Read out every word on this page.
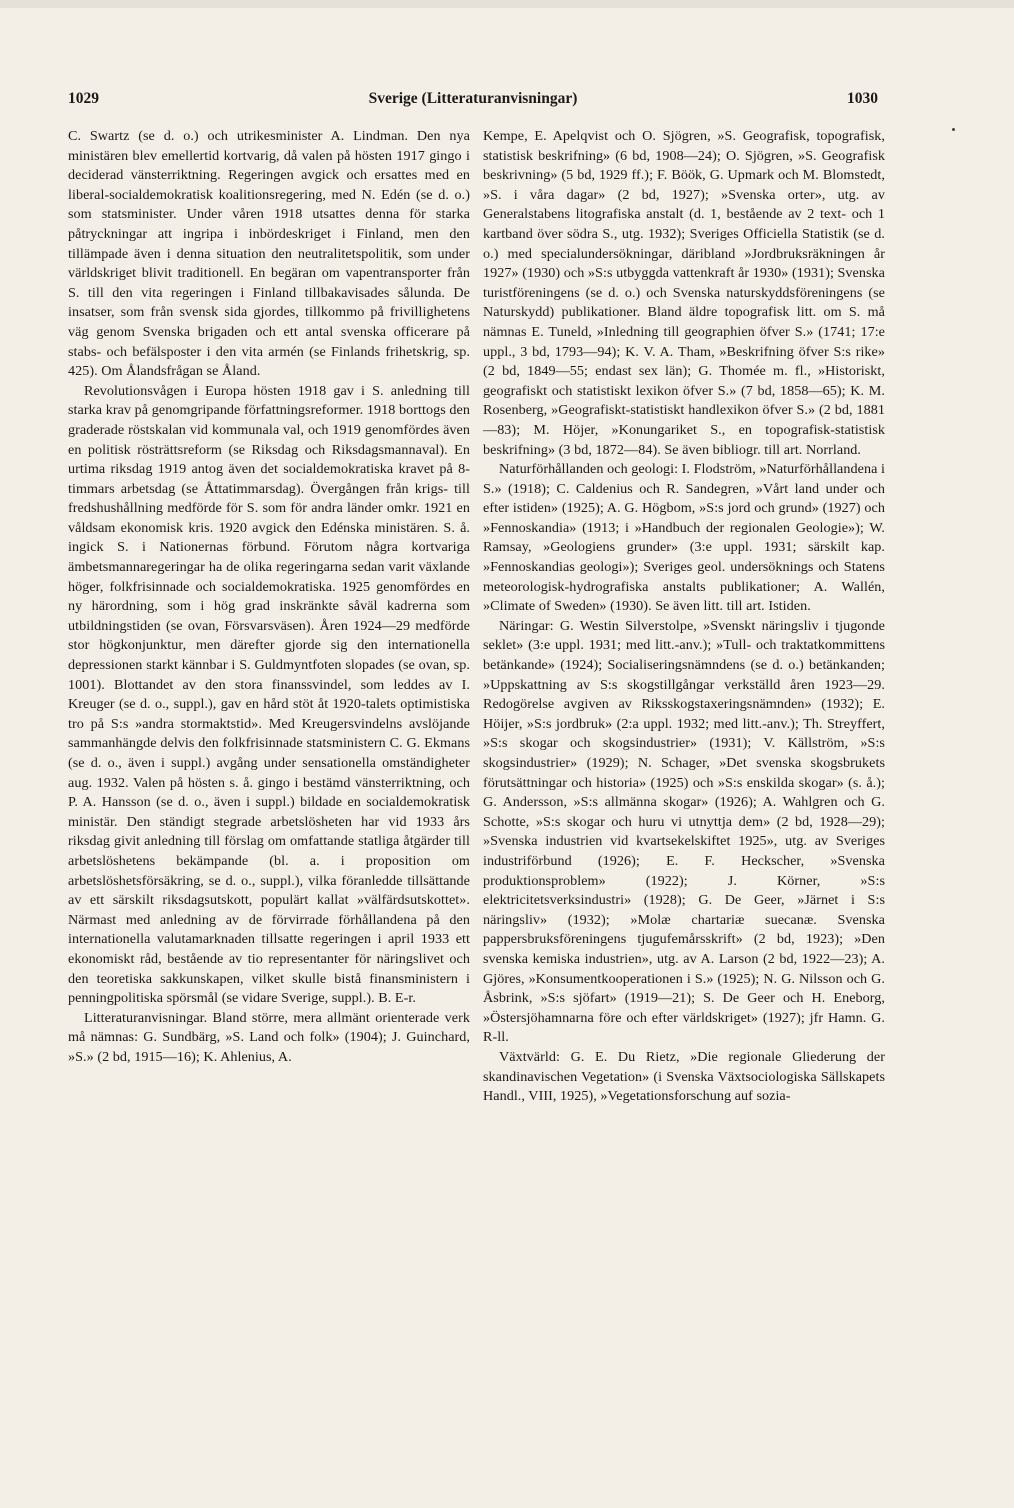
1029	Sverige (Litteraturanvisningar)	1030

C. Swartz (se d. o.) och utrikesminister A. Lindman. Den nya ministären blev emellertid kortvarig, då valen på hösten 1917 gingo i deciderad vänsterriktning. Regeringen avgick och ersattes med en liberal-socialdemokratisk koalitionsregering, med N. Edén (se d. o.) som statsminister. Under våren 1918 utsattes denna för starka påtryckningar att ingripa i inbördeskriget i Finland, men den tillämpade även i denna situation den neutralitetspolitik, som under världskriget blivit traditionell. En begäran om vapentransporter från S. till den vita regeringen i Finland tillbakavisades sålunda. De insatser, som från svensk sida gjordes, tillkommo på frivillighetens väg genom Svenska brigaden och ett antal svenska officerare på stabs- och befälsposter i den vita armén (se Finlands frihetskrig, sp. 425). Om Ålandsfrågan se Åland.

Revolutionsvågen i Europa hösten 1918 gav i S. anledning till starka krav på genomgripande författningsreformer. 1918 borttogs den graderade röstskalan vid kommunala val, och 1919 genomfördes även en politisk rösträttsreform (se Riksdag och Riksdagsmannaval). En urtima riksdag 1919 antog även det socialdemokratiska kravet på 8-timmars arbetsdag (se Åttatimmarsdag). Övergången från krigs- till fredshushållning medförde för S. som för andra länder omkr. 1921 en våldsam ekonomisk kris. 1920 avgick den Edénska ministären. S. å. ingick S. i Nationernas förbund. Förutom några kortvariga ämbetsmannaregeringar ha de olika regeringarna sedan varit växlande höger, folkfrisinnade och socialdemokratiska. 1925 genomfördes en ny härordning, som i hög grad inskränkte såväl kadrerna som utbildningstiden (se ovan, Försvarsväsen). Åren 1924—29 medförde stor högkonjunktur, men därefter gjorde sig den internationella depressionen starkt kännbar i S. Guldmyntfoten slopades (se ovan, sp. 1001). Blottandet av den stora finanssvindel, som leddes av I. Kreuger (se d. o., suppl.), gav en hård stöt åt 1920-talets optimistiska tro på S:s »andra stormaktstid». Med Kreugersvindelns avslöjande sammanhängde delvis den folkfrisinnade statsministern C. G. Ekmans (se d. o., även i suppl.) avgång under sensationella omständigheter aug. 1932. Valen på hösten s. å. gingo i bestämd vänsterriktning, och P. A. Hansson (se d. o., även i suppl.) bildade en socialdemokratisk ministär. Den ständigt stegrade arbetslösheten har vid 1933 års riksdag givit anledning till förslag om omfattande statliga åtgärder till arbetslöshetens bekämpande (bl. a. i proposition om arbetslöshetsförsäkring, se d. o., suppl.), vilka föranledde tillsättande av ett särskilt riksdagsutskott, populärt kallat »välfärdsutskottet». Närmast med anledning av de förvirrade förhållandena på den internationella valutamarknaden tillsatte regeringen i april 1933 ett ekonomiskt råd, bestående av tio representanter för näringslivet och den teoretiska sakkunskapen, vilket skulle bistå finansministern i penningpolitiska spörsmål (se vidare Sverige, suppl.). B. E-r.

Litteraturanvisningar. Bland större, mera allmänt orienterade verk må nämnas: G. Sundbärg, »S. Land och folk» (1904); J. Guinchard, »S.» (2 bd, 1915—16); K. Ahlenius, A.

Kempe, E. Apelqvist och O. Sjögren, »S. Geografisk, topografisk, statistisk beskrifning» (6 bd, 1908—24); O. Sjögren, »S. Geografisk beskrivning» (5 bd, 1929 ff.); F. Böök, G. Upmark och M. Blomstedt, »S. i våra dagar» (2 bd, 1927); »Svenska orter», utg. av Generalstabens litografiska anstalt (d. 1, bestående av 2 text- och 1 kartband över södra S., utg. 1932); Sveriges Officiella Statistik (se d. o.) med specialundersökningar, däribland »Jordbruksräkningen år 1927» (1930) och »S:s utbyggda vattenkraft år 1930» (1931); Svenska turistföreningens (se d. o.) och Svenska naturskyddsföreningens (se Naturskydd) publikationer. Bland äldre topografisk litt. om S. må nämnas E. Tuneld, »Inledning till geographien öfver S.» (1741; 17:e uppl., 3 bd, 1793—94); K. V. A. Tham, »Beskrifning öfver S:s rike» (2 bd, 1849—55; endast sex län); G. Thomée m. fl., »Historiskt, geografiskt och statistiskt lexikon öfver S.» (7 bd, 1858—65); K. M. Rosenberg, »Geografiskt-statistiskt handlexikon öfver S.» (2 bd, 1881—83); M. Höjer, »Konungariket S., en topografisk-statistisk beskrifning» (3 bd, 1872—84). Se även bibliogr. till art. Norrland.

Naturförhållanden och geologi: I. Flodström, »Naturförhållandena i S.» (1918); C. Caldenius och R. Sandegren, »Vårt land under och efter istiden» (1925); A. G. Högbom, »S:s jord och grund» (1927) och »Fennoskandia» (1913; i »Handbuch der regionalen Geologie»); W. Ramsay, »Geologiens grunder» (3:e uppl. 1931; särskilt kap. »Fennoskandias geologi»); Sveriges geol. undersöknings och Statens meteorologisk-hydrografiska anstalts publikationer; A. Wallén, »Climate of Sweden» (1930). Se även litt. till art. Istiden.

Näringar: G. Westin Silverstolpe, »Svenskt näringsliv i tjugonde seklet» (3:e uppl. 1931; med litt.-anv.); »Tull- och traktatkommittens betänkande» (1924); Socialiseringsnämndens (se d. o.) betänkanden; »Uppskattning av S:s skogstillgångar verkställd åren 1923—29. Redogörelse avgiven av Riksskogstaxeringsnämnden» (1932); E. Höijer, »S:s jordbruk» (2:a uppl. 1932; med litt.-anv.); Th. Streyffert, »S:s skogar och skogsindustrier» (1931); V. Källström, »S:s skogsindustrier» (1929); N. Schager, »Det svenska skogsbrukets förutsättningar och historia» (1925) och »S:s enskilda skogar» (s. å.); G. Andersson, »S:s allmänna skogar» (1926); A. Wahlgren och G. Schotte, »S:s skogar och huru vi utnyttja dem» (2 bd, 1928—29); »Svenska industrien vid kvartsekelskiftet 1925», utg. av Sveriges industriförbund (1926); E. F. Heckscher, »Svenska produktionsproblem» (1922); J. Körner, »S:s elektricitetsverksindustri» (1928); G. De Geer, »Järnet i S:s näringsliv» (1932); »Molæ chartariæ suecanæ. Svenska pappersbruksföreningens tjugufemårsskrift» (2 bd, 1923); »Den svenska kemiska industrien», utg. av A. Larson (2 bd, 1922—23); A. Gjöres, »Konsumentkooperationen i S.» (1925); N. G. Nilsson och G. Åsbrink, »S:s sjöfart» (1919—21); S. De Geer och H. Eneborg, »Östersjöhamnarna före och efter världskriget» (1927); jfr Hamn. G. R-ll.

Växtvärld: G. E. Du Rietz, »Die regionale Gliederung der skandinavischen Vegetation» (i Svenska Växtsociologiska Sällskapets Handl., VIII, 1925), »Vegetationsforschung auf sozia-
